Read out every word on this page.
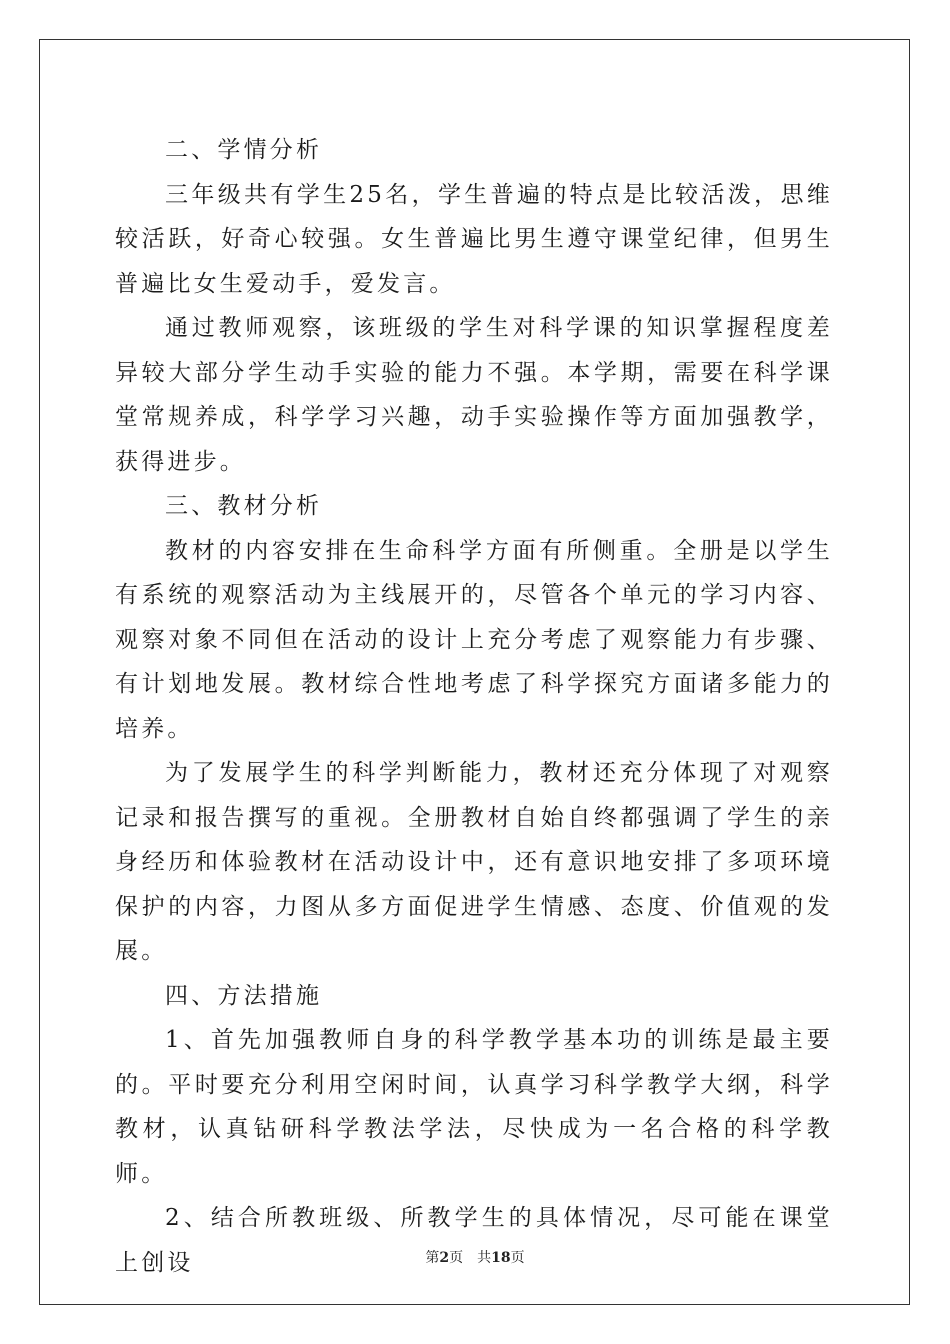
二、学情分析

三年级共有学生25名，学生普遍的特点是比较活泼，思维较活跃，好奇心较强。女生普遍比男生遵守课堂纪律，但男生普遍比女生爱动手，爱发言。

通过教师观察，该班级的学生对科学课的知识掌握程度差异较大部分学生动手实验的能力不强。本学期，需要在科学课堂常规养成，科学学习兴趣，动手实验操作等方面加强教学，获得进步。

三、教材分析

教材的内容安排在生命科学方面有所侧重。全册是以学生有系统的观察活动为主线展开的，尽管各个单元的学习内容、观察对象不同但在活动的设计上充分考虑了观察能力有步骤、有计划地发展。教材综合性地考虑了科学探究方面诸多能力的培养。

为了发展学生的科学判断能力，教材还充分体现了对观察记录和报告撰写的重视。全册教材自始自终都强调了学生的亲身经历和体验教材在活动设计中，还有意识地安排了多项环境保护的内容，力图从多方面促进学生情感、态度、价值观的发展。

四、方法措施

1、首先加强教师自身的科学教学基本功的训练是最主要的。平时要充分利用空闲时间，认真学习科学教学大纲，科学教材，认真钻研科学教法学法，尽快成为一名合格的科学教师。

2、结合所教班级、所教学生的具体情况，尽可能在课堂上创设	第2页 共18页
